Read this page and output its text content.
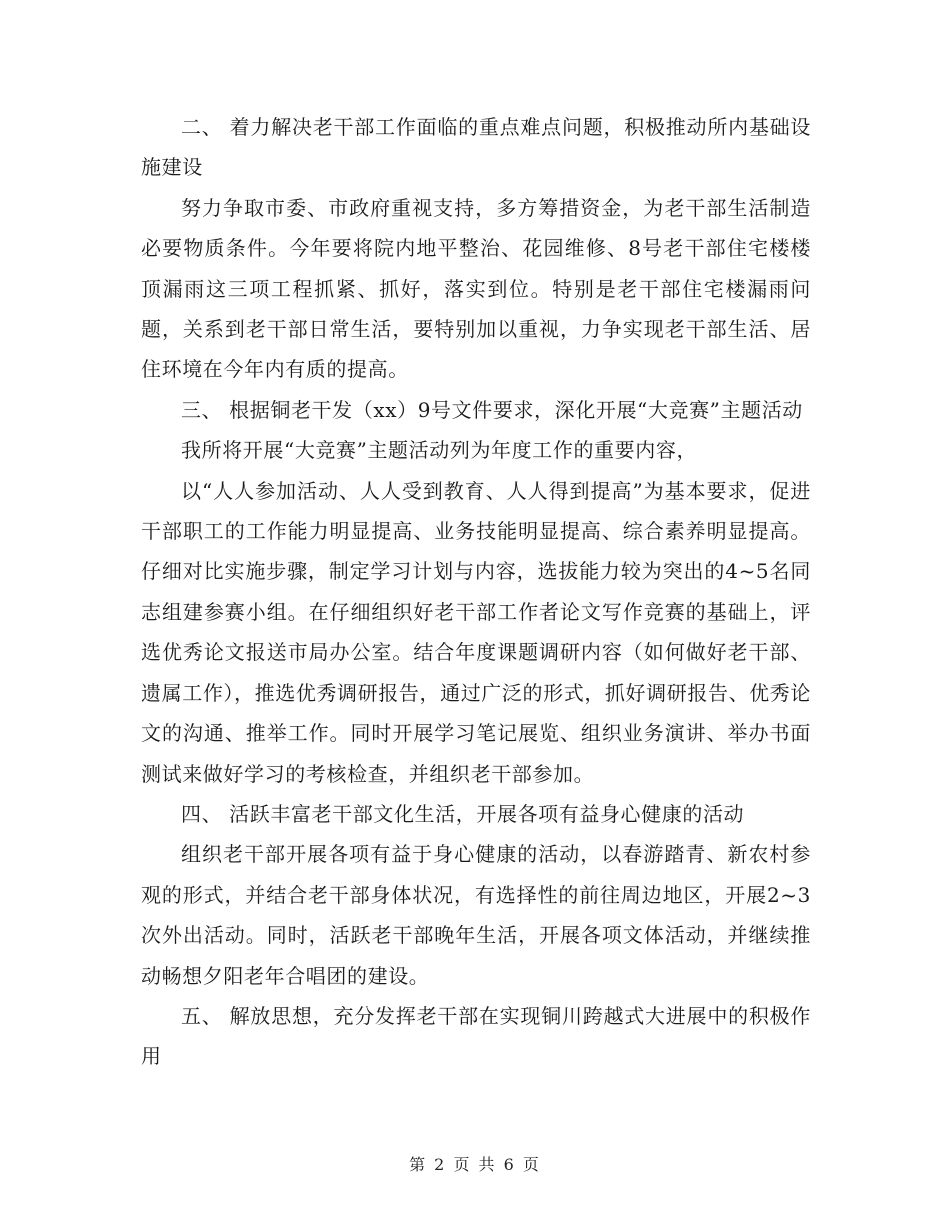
二、 着力解决老干部工作面临的重点难点问题，积极推动所内基础设施建设

努力争取市委、市政府重视支持，多方筹措资金，为老干部生活制造必要物质条件。今年要将院内地平整治、花园维修、8号老干部住宅楼楼顶漏雨这三项工程抓紧、抓好，落实到位。特别是老干部住宅楼漏雨问题，关系到老干部日常生活，要特别加以重视，力争实现老干部生活、居住环境在今年内有质的提高。

三、 根据铜老干发（xx）9号文件要求，深化开展“大竞赛”主题活动

我所将开展“大竞赛”主题活动列为年度工作的重要内容，

以“人人参加活动、人人受到教育、人人得到提高”为基本要求，促进干部职工的工作能力明显提高、业务技能明显提高、综合素养明显提高。仔细对比实施步骤，制定学习计划与内容，选拔能力较为突出的4~5名同志组建参赛小组。在仔细组织好老干部工作者论文写作竞赛的基础上，评选优秀论文报送市局办公室。结合年度课题调研内容（如何做好老干部、遗属工作），推选优秀调研报告，通过广泛的形式，抓好调研报告、优秀论文的沟通、推举工作。同时开展学习笔记展览、组织业务演讲、举办书面测试来做好学习的考核检查，并组织老干部参加。

四、 活跃丰富老干部文化生活，开展各项有益身心健康的活动

组织老干部开展各项有益于身心健康的活动，以春游踏青、新农村参观的形式，并结合老干部身体状况，有选择性的前往周边地区，开展2~3次外出活动。同时，活跃老干部晚年生活，开展各项文体活动，并继续推动畅想夕阳老年合唱团的建设。

五、 解放思想，充分发挥老干部在实现铜川跨越式大进展中的积极作用

第 2 页 共 6 页
